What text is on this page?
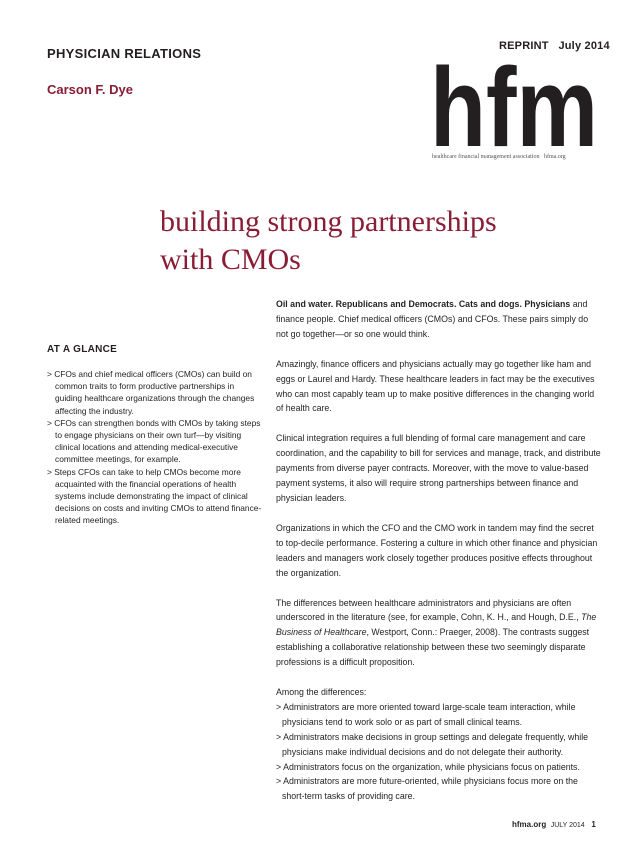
PHYSICIAN RELATIONS
Carson F. Dye
REPRINT   July 2014
hfm
healthcare financial management association   hfma.org
building strong partnerships
with CMOs
AT A GLANCE
> CFOs and chief medical officers (CMOs) can build on common traits to form productive partnerships in guiding healthcare organizations through the changes affecting the industry.
> CFOs can strengthen bonds with CMOs by taking steps to engage physicians on their own turf—by visiting clinical locations and attending medical-executive committee meetings, for example.
> Steps CFOs can take to help CMOs become more acquainted with the financial operations of health systems include demonstrating the impact of clinical decisions on costs and inviting CMOs to attend finance-related meetings.

Oil and water. Republicans and Democrats. Cats and dogs. Physicians and finance people. Chief medical officers (CMOs) and CFOs. These pairs simply do not go together—or so one would think.

Amazingly, finance officers and physicians actually may go together like ham and eggs or Laurel and Hardy. These healthcare leaders in fact may be the executives who can most capably team up to make positive differences in the changing world of health care.

Clinical integration requires a full blending of formal care management and care coordination, and the capability to bill for services and manage, track, and distribute payments from diverse payer contracts. Moreover, with the move to value-based payment systems, it also will require strong partnerships between finance and physician leaders.

Organizations in which the CFO and the CMO work in tandem may find the secret to top-decile performance. Fostering a culture in which other finance and physician leaders and managers work closely together produces positive effects throughout the organization.

The differences between healthcare administrators and physicians are often underscored in the literature (see, for example, Cohn, K. H., and Hough, D.E., The Business of Healthcare, Westport, Conn.: Praeger, 2008). The contrasts suggest establishing a collaborative relationship between these two seemingly disparate professions is a difficult proposition.

Among the differences:
> Administrators are more oriented toward large-scale team interaction, while physicians tend to work solo or as part of small clinical teams.
> Administrators make decisions in group settings and delegate frequently, while physicians make individual decisions and do not delegate their authority.
> Administrators focus on the organization, while physicians focus on patients.
> Administrators are more future-oriented, while physicians focus more on the short-term tasks of providing care.
hfma.org JULY 2014 1
